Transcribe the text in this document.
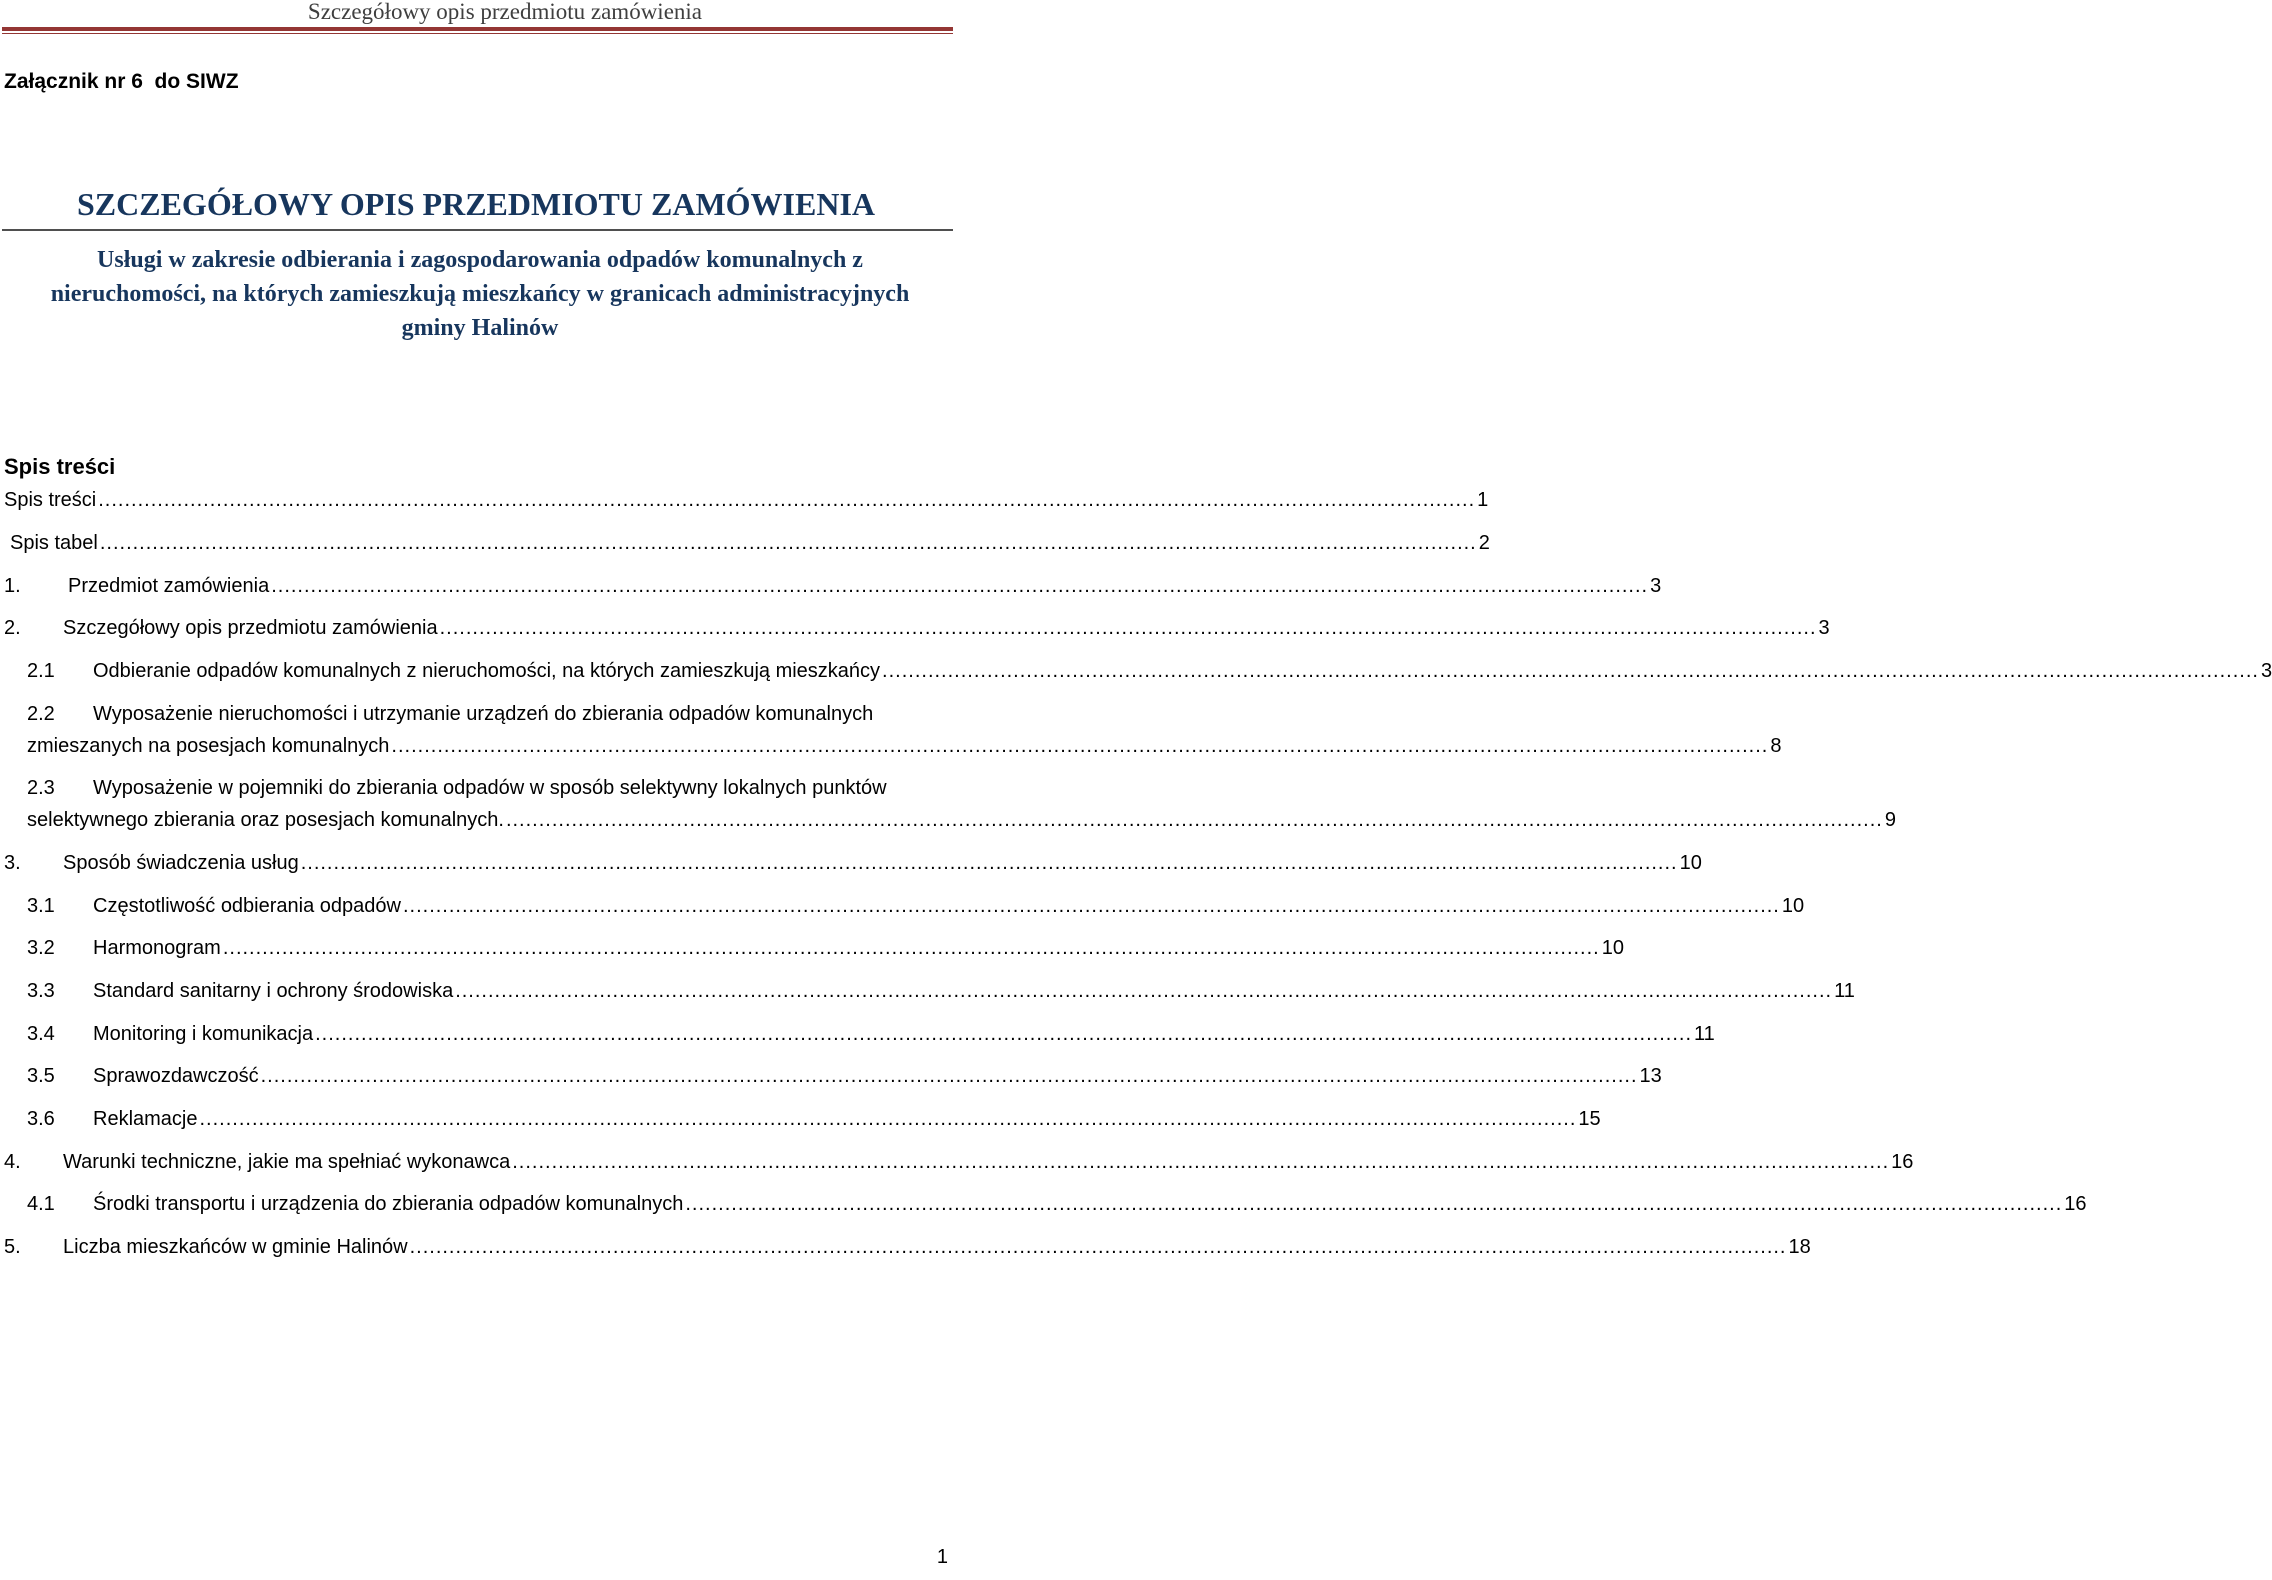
Szczegółowy opis przedmiotu zamówienia
Załącznik nr 6  do SIWZ
SZCZEGÓŁOWY OPIS PRZEDMIOTU ZAMÓWIENIA
Usługi w zakresie odbierania i zagospodarowania odpadów komunalnych z nieruchomości, na których zamieszkują mieszkańcy w granicach administracyjnych gminy Halinów
Spis treści
Spis treści .................................................................................................................................................................................................................. 1
Spis tabel .................................................................................................................................................................................................................. 2
1.	Przedmiot zamówienia .................................................................................................................................................................................................................. 3
2.	Szczegółowy opis przedmiotu zamówienia .................................................................................................................................................................................................................. 3
2.1	Odbieranie odpadów komunalnych z nieruchomości, na których zamieszkują mieszkańcy .................................................................................................................................................................................................................. 3
2.2 Wyposażenie nieruchomości i utrzymanie urządzeń do zbierania odpadów komunalnych
zmieszanych na posesjach komunalnych .................................................................................................................................................................................................................. 8
2.3 Wyposażenie w pojemniki do zbierania odpadów w sposób selektywny lokalnych punktów
selektywnego zbierania oraz posesjach komunalnych. .................................................................................................................................................................................................................. 9
3.	Sposób świadczenia usług .................................................................................................................................................................................................................. 10
3.1	Częstotliwość odbierania odpadów .................................................................................................................................................................................................................. 10
3.2	Harmonogram .................................................................................................................................................................................................................. 10
3.3	Standard sanitarny i ochrony środowiska .................................................................................................................................................................................................................. 11
3.4	Monitoring i komunikacja .................................................................................................................................................................................................................. 11
3.5	Sprawozdawczość .................................................................................................................................................................................................................. 13
3.6	Reklamacje .................................................................................................................................................................................................................. 15
4.	Warunki techniczne, jakie ma spełniać wykonawca .................................................................................................................................................................................................................. 16
4.1	Środki transportu i urządzenia do zbierania odpadów komunalnych .................................................................................................................................................................................................................. 16
5.	Liczba mieszkańców w gminie Halinów .................................................................................................................................................................................................................. 18
1
